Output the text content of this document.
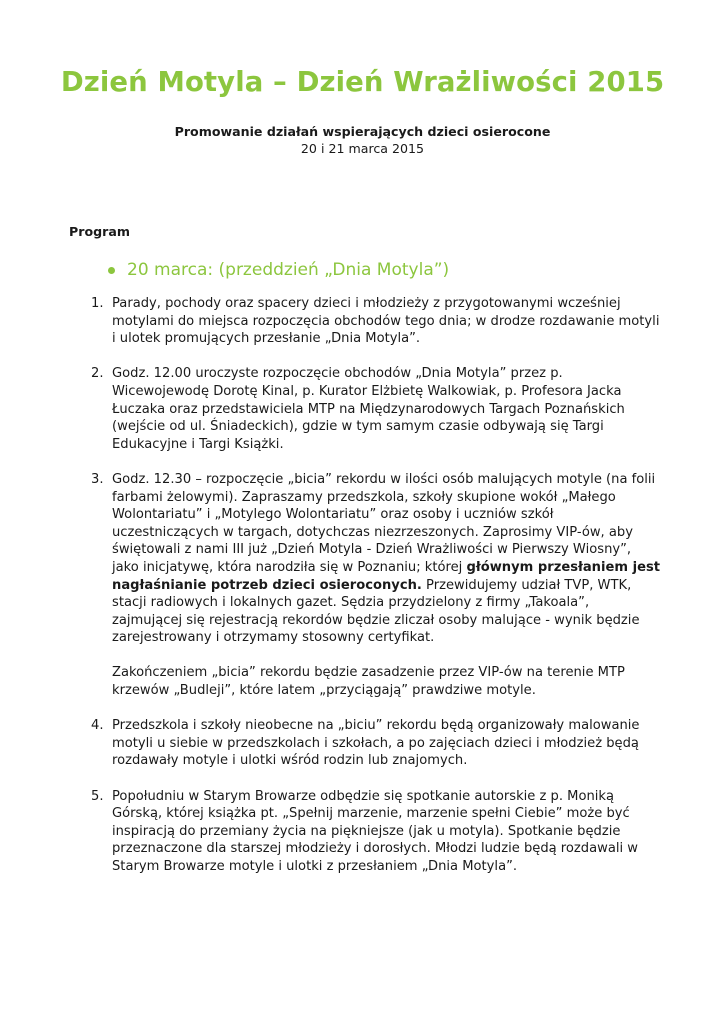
Dzień Motyla – Dzień Wrażliwości 2015

Promowanie działań wspierających dzieci osierocone

20 i 21 marca 2015

Program

20 marca: (przeddzień „Dnia Motyla”)
1. Parady, pochody oraz spacery dzieci i młodzieży z przygotowanymi wcześniej motylami do miejsca rozpoczęcia obchodów tego dnia; w drodze rozdawanie motyli i ulotek promujących przesłanie „Dnia Motyla”.

2. Godz. 12.00 uroczyste rozpoczęcie obchodów „Dnia Motyla” przez p. Wicewojewodę Dorotę Kinal, p. Kurator Elżbietę Walkowiak, p. Profesora Jacka Łuczaka oraz przedstawiciela MTP na Międzynarodowych Targach Poznańskich (wejście od ul. Śniadeckich), gdzie w tym samym czasie odbywają się Targi Edukacyjne i Targi Książki.

3. Godz. 12.30 – rozpoczęcie „bicia” rekordu w ilości osób malujących motyle (na folii farbami żelowymi). Zapraszamy przedszkola, szkoły skupione wokół „Małego Wolontariatu” i „Motylego Wolontariatu” oraz osoby i uczniów szkół uczestniczących w targach, dotychczas niezrzeszonych. Zaprosimy VIP-ów, aby świętowali z nami III już „Dzień Motyla - Dzień Wrażliwości w Pierwszy Wiosny”, jako inicjatywę, która narodziła się w Poznaniu; której głównym przesłaniem jest nagłaśnianie potrzeb dzieci osieroconych. Przewidujemy udział TVP, WTK, stacji radiowych i lokalnych gazet. Sędzia przydzielony z firmy „Takoala”, zajmującej się rejestracją rekordów będzie zliczał osoby malujące - wynik będzie zarejestrowany i otrzymamy stosowny certyfikat.

Zakończeniem „bicia” rekordu będzie zasadzenie przez VIP-ów na terenie MTP krzewów „Budleji”, które latem „przyciągają” prawdziwe motyle.

4. Przedszkola i szkoły nieobecne na „biciu” rekordu będą organizowały malowanie motyli u siebie w przedszkolach i szkołach, a po zajęciach dzieci i młodzież będą rozdawały motyle i ulotki wśród rodzin lub znajomych.

5. Popołudniu w Starym Browarze odbędzie się spotkanie autorskie z p. Moniką Górską, której książka pt. „Spełnij marzenie, marzenie spełni Ciebie” może być inspiracją do przemiany życia na piękniejsze (jak u motyla). Spotkanie będzie przeznaczone dla starszej młodzieży i dorosłych. Młodzi ludzie będą rozdawali w Starym Browarze motyle i ulotki z przesłaniem „Dnia Motyla”.
